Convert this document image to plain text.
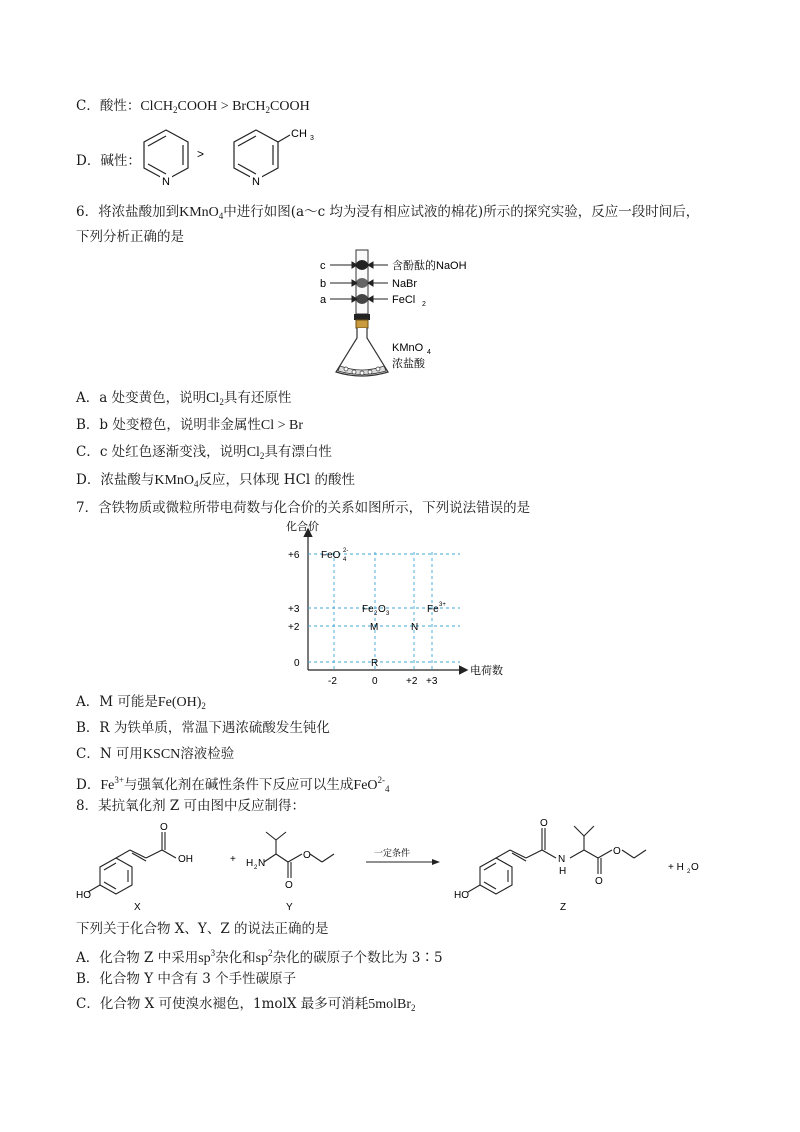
C．酸性：ClCH$_2$COOH > BrCH$_2$COOH
D．碱性：
N	N
>
CH 3
6．将浓盐酸加到KMnO$_4$中进行如图(a～c 均为浸有相应试液的棉花)所示的探究实验，反应一段时间后，
下列分析正确的是
c
b
a
含酚酞的NaOH
NaBr
FeCl 2
KMnO 4
浓盐酸
A．a 处变黄色，说明$Cl_2$具有还原性
B．b 处变橙色，说明非金属性Cl > Br
C．c 处红色逐渐变浅，说明$Cl_2$具有漂白性
D．浓盐酸与KMnO$_4$反应，只体现 HCl 的酸性
7．含铁物质或微粒所带电荷数与化合价的关系如图所示，下列说法错误的是
化合价
电荷数
+6
+3
+2
0
-2	0	+2 +3
FeO 2-
4
Fe 2 O 3	Fe 3+
M	N
R
A．M 可能是$Fe(OH)_2$
B．R 为铁单质，常温下遇浓硫酸发生钝化
C．N 可用KSCN溶液检验
D．$Fe^{3+}$与强氧化剂在碱性条件下反应可以生成FeO$^{2-}_4$
8．某抗氧化剂 Z 可由图中反应制得：
HO
O
OH
X
+ H 2 N
O
O
Y
一定条件
O
N
H
O
O
HO
Z
+ H 2 O
下列关于化合物 X、Y、Z 的说法正确的是
A．化合物 Z 中采用$sp^3$杂化和$sp^2$杂化的碳原子个数比为 3∶5
B．化合物 Y 中含有 3 个手性碳原子
C．化合物 X 可使溴水褪色，1molX 最多可消耗5molBr$_2$
